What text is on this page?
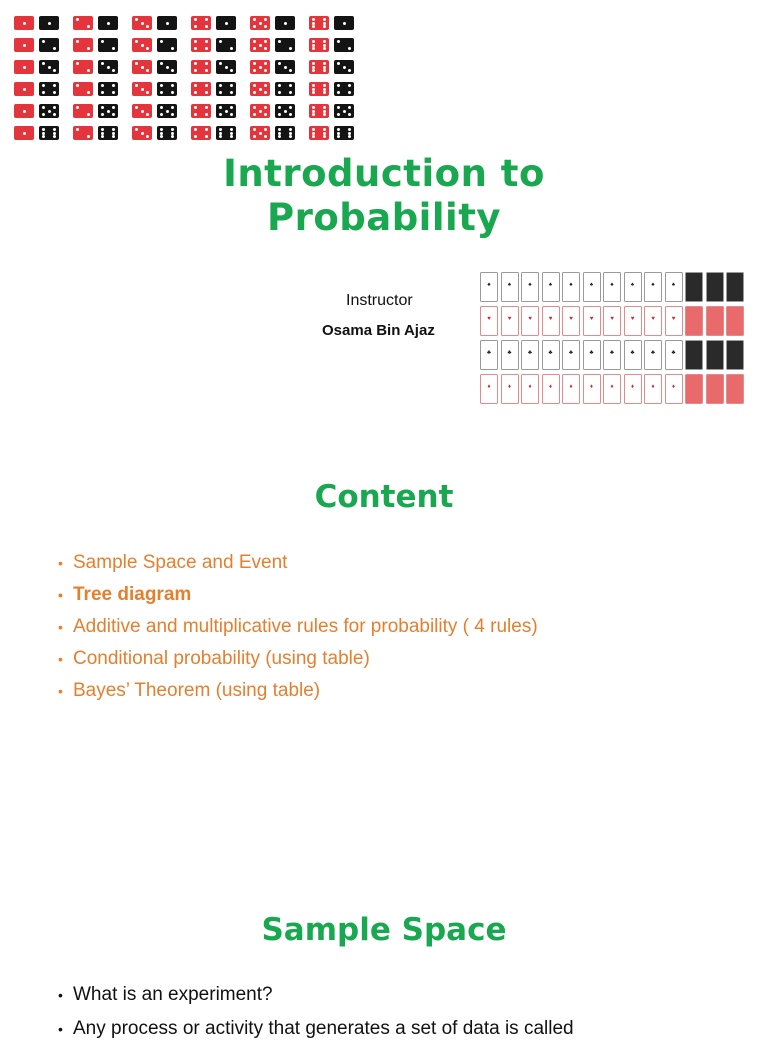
Introduction to
Probability
Instructor
Osama Bin Ajaz
♠	♠	♠	♠	♠	♠	♠	♠	♠	♠
♥	♥	♥	♥	♥	♥	♥	♥	♥	♥
♣	♣	♣	♣	♣	♣	♣	♣	♣	♣
♦	♦	♦	♦	♦	♦	♦	♦	♦	♦
Content
• Sample Space and Event
• Tree diagram
• Additive and multiplicative rules for probability ( 4 rules)
• Conditional probability (using table)
• Bayes’ Theorem (using table)
Sample Space
• What is an experiment?
• Any process or activity that generates a set of data is called
